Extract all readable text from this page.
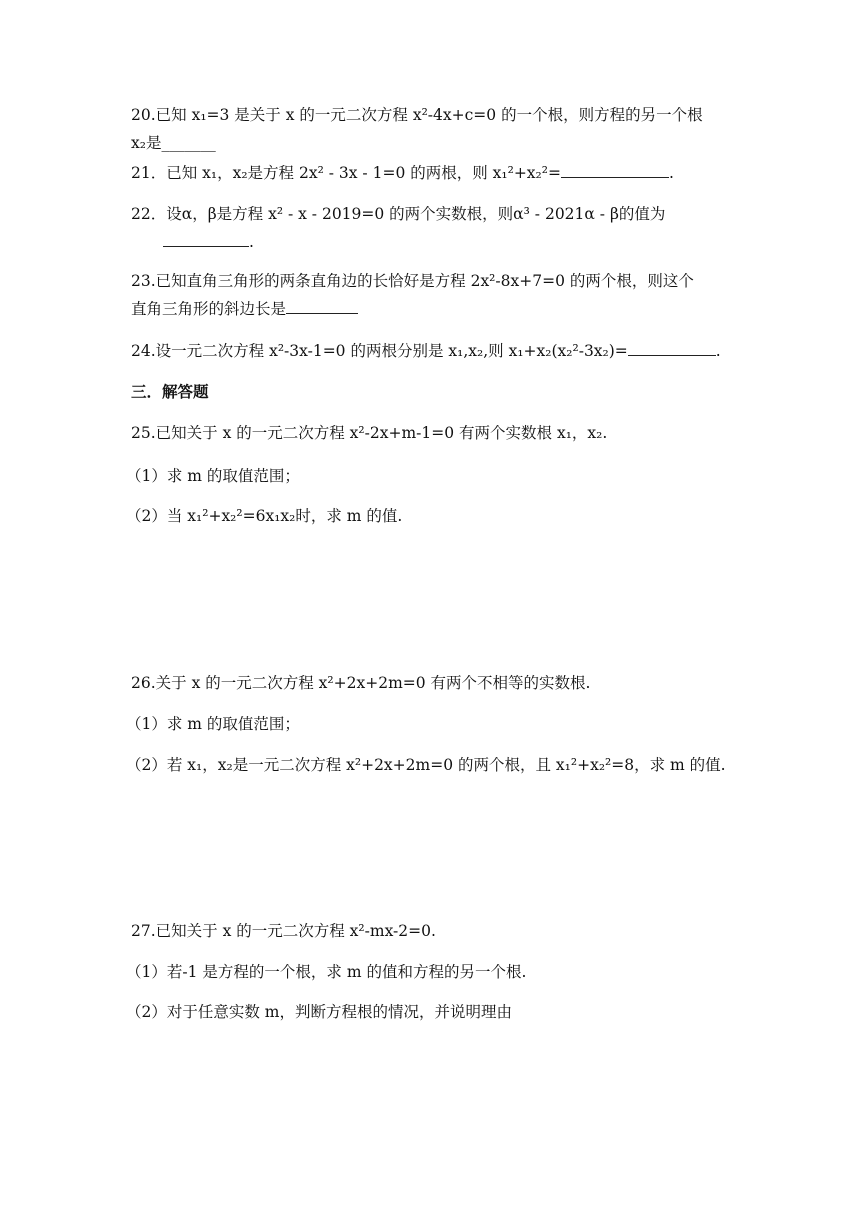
20.已知 x₁=3 是关于 x 的一元二次方程 x²-4x+c=0 的一个根，则方程的另一个根
x₂是_______
21．已知 x₁，x₂是方程 2x² - 3x - 1=0 的两根，则 x₁²+x₂²=	.
22．设α，β是方程 x² - x - 2019=0 的两个实数根，则α³ - 2021α - β的值为
.
23.已知直角三角形的两条直角边的长恰好是方程 2x²-8x+7=0 的两个根，则这个
直角三角形的斜边长是
24.设一元二次方程 x²-3x-1=0 的两根分别是 x₁,x₂,则 x₁+x₂(x₂²-3x₂)=	.
三．解答题
25.已知关于 x 的一元二次方程 x²-2x+m-1=0 有两个实数根 x₁，x₂.
（1）求 m 的取值范围；
（2）当 x₁²+x₂²=6x₁x₂时，求 m 的值.
26.关于 x 的一元二次方程 x²+2x+2m=0 有两个不相等的实数根.
（1）求 m 的取值范围；
（2）若 x₁，x₂是一元二次方程 x²+2x+2m=0 的两个根，且 x₁²+x₂²=8，求 m 的值.
27.已知关于 x 的一元二次方程 x²-mx-2=0.
（1）若-1 是方程的一个根，求 m 的值和方程的另一个根.
（2）对于任意实数 m，判断方程根的情况，并说明理由
